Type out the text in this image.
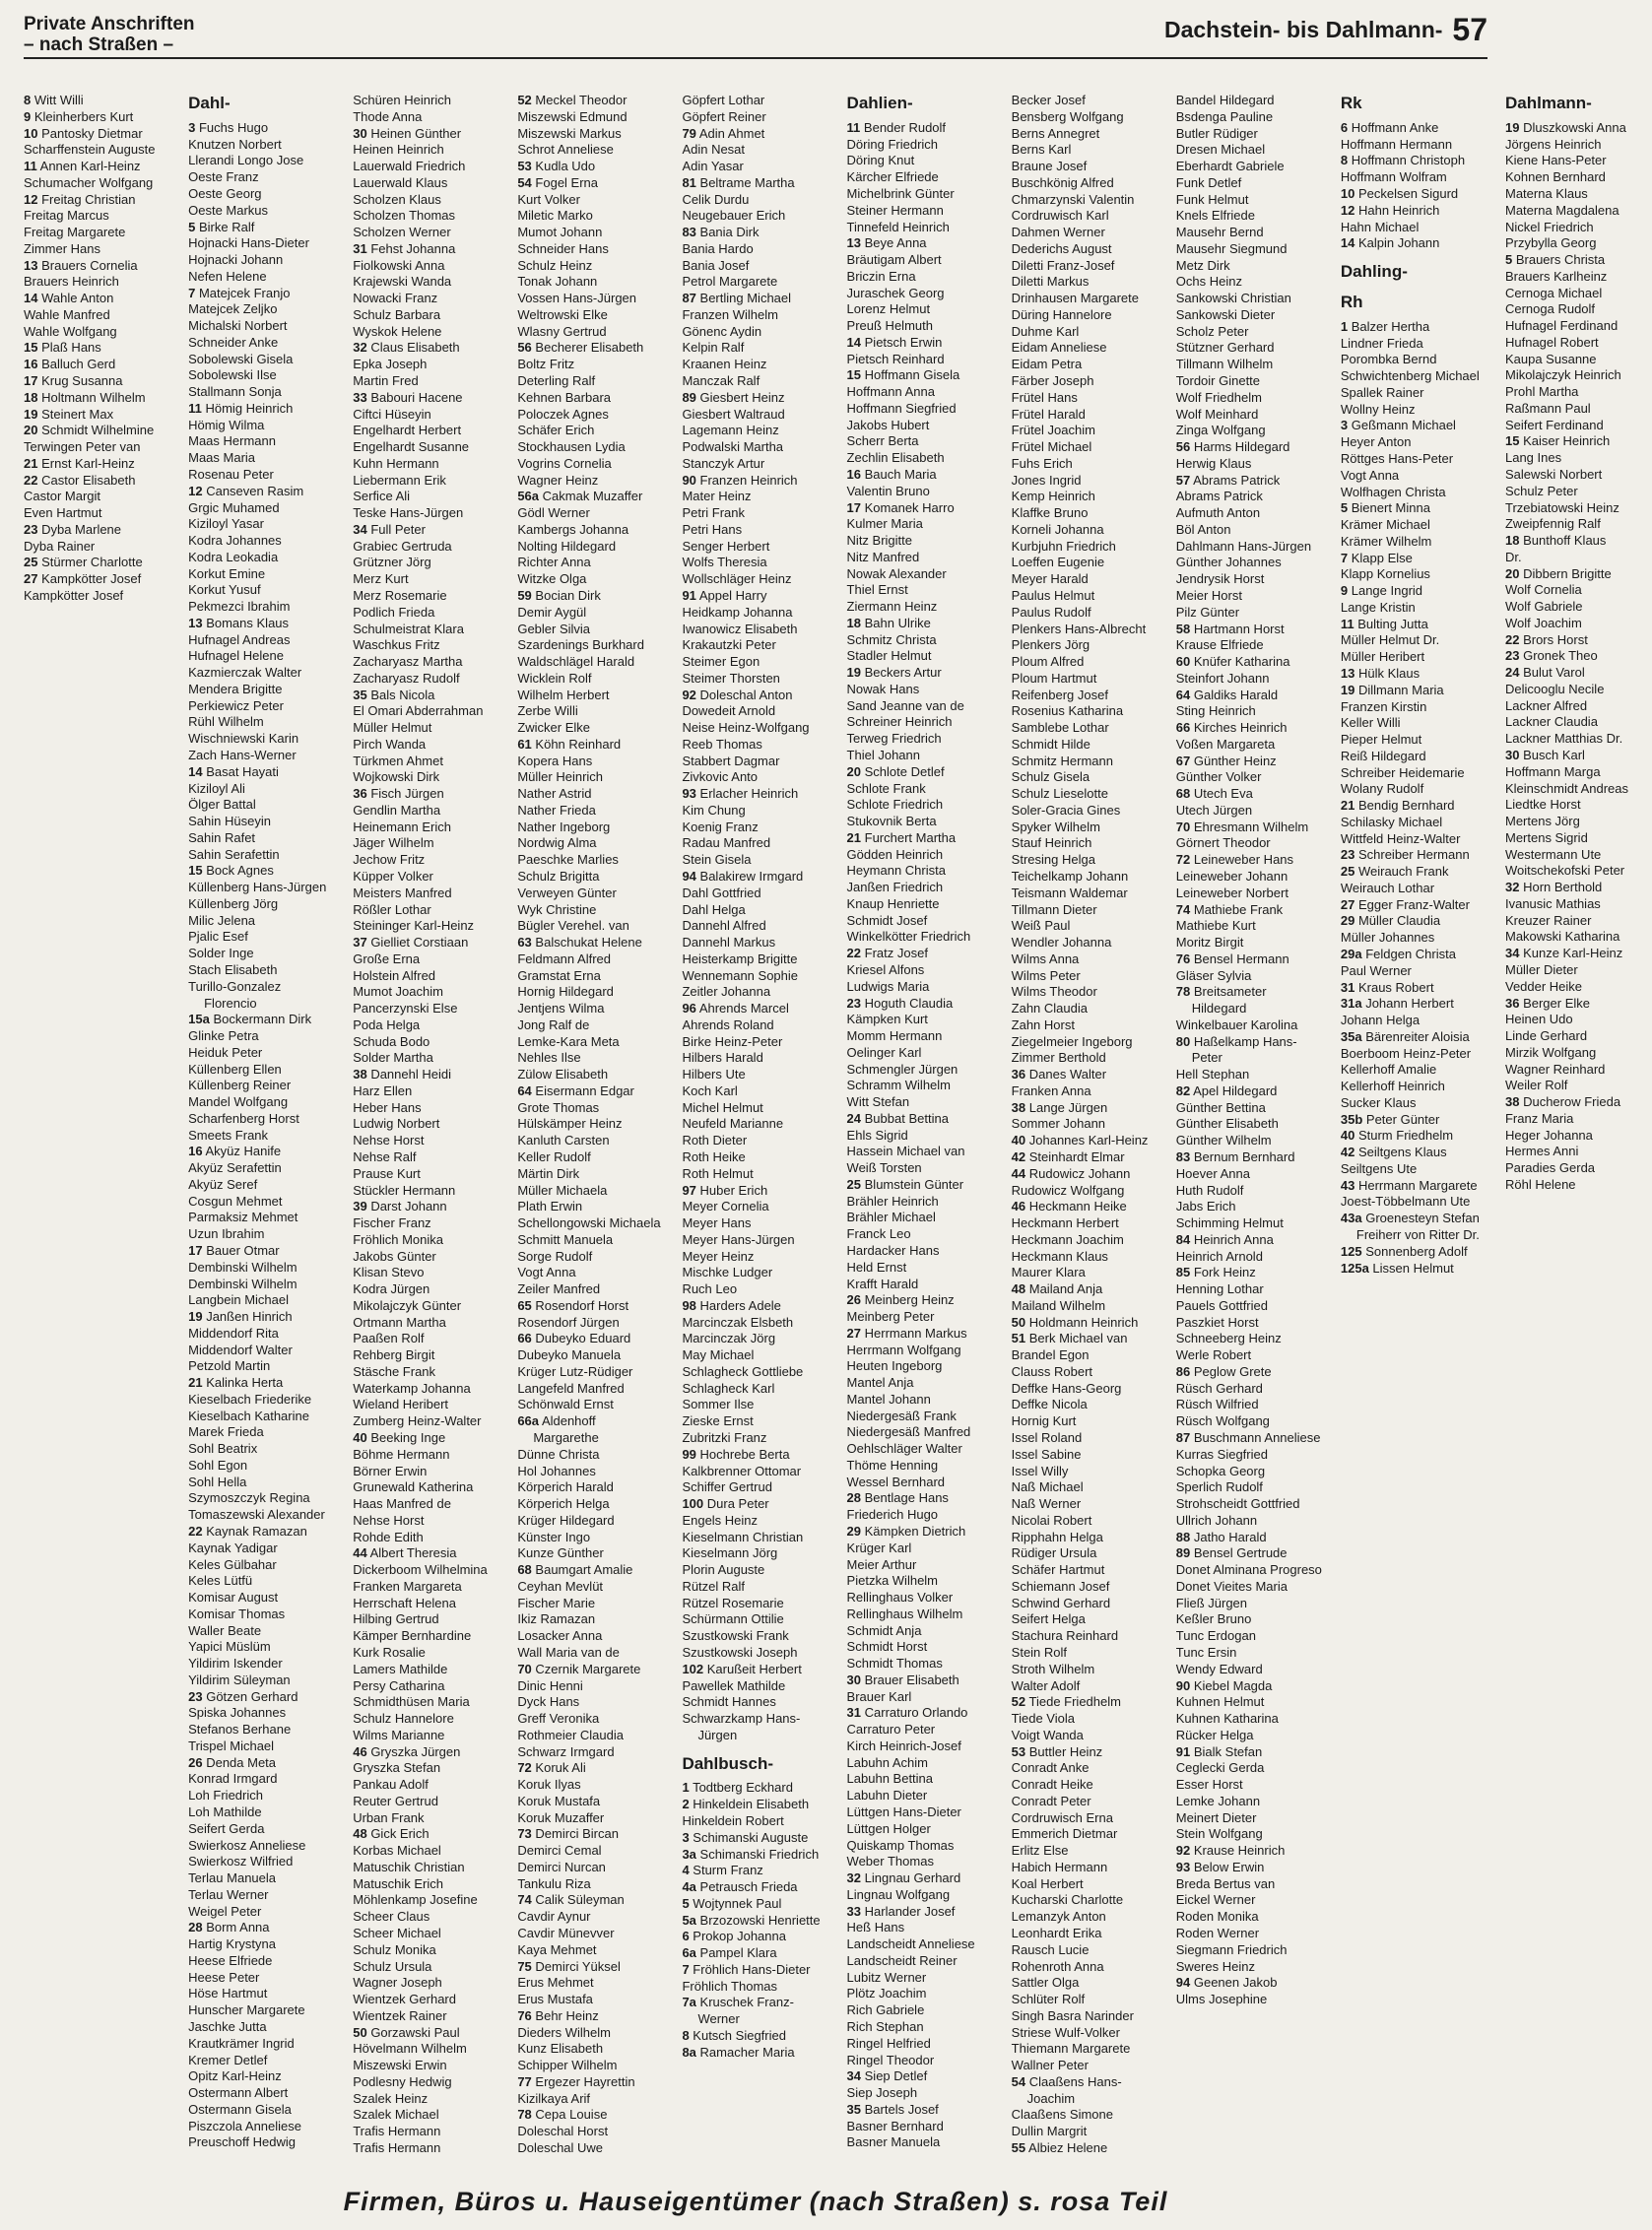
Private Anschriften
– nach Straßen –
Dachstein- bis Dahlmann- 57
8 Witt Willi
9 Kleinherbers Kurt
10 Pantosky Dietmar
Scharffenstein Auguste
11 Annen Karl-Heinz
Schumacher Wolfgang
12 Freitag Christian
Freitag Marcus
Freitag Margarete
Zimmer Hans
13 Brauers Cornelia
Brauers Heinrich
14 Wahle Anton
Wahle Manfred
Wahle Wolfgang
15 Plaß Hans
16 Balluch Gerd
17 Krug Susanna
18 Holtmann Wilhelm
19 Steinert Max
20 Schmidt Wilhelmine
Terwingen Peter van
21 Ernst Karl-Heinz
22 Castor Elisabeth
Castor Margit
Even Hartmut
23 Dyba Marlene
Dyba Rainer
25 Stürmer Charlotte
27 Kampkötter Josef
Kampkötter Josef
Dahl-
3 Fuchs Hugo
Knutzen Norbert
Llerandi Longo Jose
Oeste Franz
Oeste Georg
Oeste Markus
5 Birke Ralf
Hojnacki Hans-Dieter
Hojnacki Johann
Nefen Helene
7 Matejcek Franjo
Matejcek Zeljko
Michalski Norbert
Schneider Anke
Sobolewski Gisela
Sobolewski Ilse
Stallmann Sonja
11 Hömig Heinrich
Hömig Wilma
Maas Hermann
Maas Maria
Rosenau Peter
12 Canseven Rasim
Grgic Muhamed
Kiziloyl Yasar
Kodra Johannes
Kodra Leokadia
Korkut Emine
Korkut Yusuf
Pekmezci Ibrahim
13 Bomans Klaus
Hufnagel Andreas
Hufnagel Helene
Kazmierczak Walter
Mendera Brigitte
Perkiewicz Peter
Rühl Wilhelm
Wischniewski Karin
Zach Hans-Werner
14 Basat Hayati
Kiziloyl Ali
Ölger Battal
Sahin Hüseyin
Sahin Rafet
Sahin Serafettin
15 Bock Agnes
Küllenberg Hans-Jürgen
Küllenberg Jörg
Milic Jelena
Pjalic Esef
Solder Inge
Stach Elisabeth
Turillo-Gonzalez Florencio
15a Bockermann Dirk
Glinke Petra
Heiduk Peter
Küllenberg Ellen
Küllenberg Reiner
Mandel Wolfgang
Scharfenberg Horst
Smeets Frank
16 Akyüz Hanife
Akyüz Serafettin
Akyüz Seref
Cosgun Mehmet
Parmaksiz Mehmet
Uzun Ibrahim
17 Bauer Otmar
Dembinski Wilhelm
Dembinski Wilhelm
Langbein Michael
19 Janßen Hinrich
Middendorf Rita
Middendorf Walter
Petzold Martin
21 Kalinka Herta
Kieselbach Friederike
Kieselbach Katharine
Marek Frieda
Sohl Beatrix
Sohl Egon
Sohl Hella
Szymoszczyk Regina
Tomaszewski Alexander
22 Kaynak Ramazan
Kaynak Yadigar
Keles Gülbahar
Keles Lütfü
Komisar August
Komisar Thomas
Waller Beate
Yapici Müslüm
Yildirim Iskender
Yildirim Süleyman
23 Götzen Gerhard
Spiska Johannes
Stefanos Berhane
Trispel Michael
26 Denda Meta
Konrad Irmgard
Loh Friedrich
Loh Mathilde
Seifert Gerda
Swierkosz Anneliese
Swierkosz Wilfried
Terlau Manuela
Terlau Werner
Weigel Peter
28 Borm Anna
Hartig Krystyna
Heese Elfriede
Heese Peter
Höse Hartmut
Hunscher Margarete
Jaschke Jutta
Krautkrämer Ingrid
Kremer Detlef
Opitz Karl-Heinz
Ostermann Albert
Ostermann Gisela
Piszczola Anneliese
Preuschoff Hedwig
Schüren Heinrich
Thode Anna
30 Heinen Günther
Heinen Heinrich
Lauerwald Friedrich
Lauerwald Klaus
Scholzen Klaus
Scholzen Thomas
Scholzen Werner
31 Fehst Johanna
Fiolkowski Anna
Krajewski Wanda
Nowacki Franz
Schulz Barbara
Wyskok Helene
32 Claus Elisabeth
Epka Joseph
Martin Fred
33 Babouri Hacene
Ciftci Hüseyin
Engelhardt Herbert
Engelhardt Susanne
Kuhn Hermann
Liebermann Erik
Serfice Ali
Teske Hans-Jürgen
34 Full Peter
Grabiec Gertruda
Grützner Jörg
Merz Kurt
Merz Rosemarie
Podlich Frieda
Schulmeistrat Klara
Waschkus Fritz
Zacharyasz Martha
Zacharyasz Rudolf
35 Bals Nicola
El Omari Abderrahman
Müller Helmut
Pirch Wanda
Türkmen Ahmet
Wojkowski Dirk
36 Fisch Jürgen
Gendlin Martha
Heinemann Erich
Jäger Wilhelm
Jechow Fritz
Küpper Volker
Meisters Manfred
Rößler Lothar
Steininger Karl-Heinz
37 Gielliet Corstiaan
Große Erna
Holstein Alfred
Mumot Joachim
Pancerzynski Else
Poda Helga
Schuda Bodo
Solder Martha
38 Dannehl Heidi
Harz Ellen
Heber Hans
Ludwig Norbert
Nehse Horst
Nehse Ralf
Prause Kurt
Stückler Hermann
39 Darst Johann
Fischer Franz
Fröhlich Monika
Jakobs Günter
Klisan Stevo
Kodra Jürgen
Mikolajczyk Günter
Ortmann Martha
Paaßen Rolf
Rehberg Birgit
Stäsche Frank
Waterkamp Johanna
Wieland Heribert
Zumberg Heinz-Walter
40 Beeking Inge
Böhme Hermann
Börner Erwin
Grunewald Katherina
Haas Manfred de
Nehse Horst
Rohde Edith
44 Albert Theresia
Dickerboom Wilhelmina
Franken Margareta
Herrschaft Helena
Hilbing Gertrud
Kämper Bernhardine
Kurk Rosalie
Lamers Mathilde
Persy Catharina
Schmidthüsen Maria
Schulz Hannelore
Wilms Marianne
46 Gryszka Jürgen
Gryszka Stefan
Pankau Adolf
Reuter Gertrud
Urban Frank
48 Gick Erich
Korbas Michael
Matuschik Christian
Matuschik Erich
Möhlenkamp Josefine
Scheer Claus
Scheer Michael
Schulz Monika
Schulz Ursula
Wagner Joseph
Wientzek Gerhard
Wientzek Rainer
50 Gorzawski Paul
Hövelmann Wilhelm
Miszewski Erwin
Podlesny Hedwig
Szalek Heinz
Szalek Michael
Trafis Hermann
Trafis Hermann
52 Meckel Theodor
Miszewski Edmund
Miszewski Markus
Schrot Anneliese
53 Kudla Udo
54 Fogel Erna
Kurt Volker
Miletic Marko
Mumot Johann
Schneider Hans
Schulz Heinz
Tonak Johann
Vossen Hans-Jürgen
Weltrowski Elke
Wlasny Gertrud
56 Becherer Elisabeth
Boltz Fritz
Deterling Ralf
Kehnen Barbara
Poloczek Agnes
Schäfer Erich
Stockhausen Lydia
Vogrins Cornelia
Wagner Heinz
56a Cakmak Muzaffer
Gödl Werner
Kambergs Johanna
Nolting Hildegard
Richter Anna
Witzke Olga
59 Bocian Dirk
Demir Aygül
Gebler Silvia
Szardenings Burkhard
Waldschlägel Harald
Wicklein Rolf
Wilhelm Herbert
Zerbe Willi
Zwicker Elke
61 Köhn Reinhard
Kopera Hans
Müller Heinrich
Nather Astrid
Nather Frieda
Nather Ingeborg
Nordwig Alma
Paeschke Marlies
Schulz Brigitta
Verweyen Günter
Wyk Christine
Bügler Verehel. van
63 Balschukat Helene
Feldmann Alfred
Gramstat Erna
Hornig Hildegard
Jentjens Wilma
Jong Ralf de
Lemke-Kara Meta
Nehles Ilse
Zülow Elisabeth
64 Eisermann Edgar
Grote Thomas
Hülskämper Heinz
Kanluth Carsten
Keller Rudolf
Märtin Dirk
Müller Michaela
Plath Erwin
Schellongowski Michaela
Schmitt Manuela
Sorge Rudolf
Vogt Anna
Zeiler Manfred
65 Rosendorf Horst
Rosendorf Jürgen
66 Dubeyko Eduard
Dubeyko Manuela
Krüger Lutz-Rüdiger
Langefeld Manfred
Schönwald Ernst
66a Aldenhoff Margarethe
Dünne Christa
Hol Johannes
Körperich Harald
Körperich Helga
Krüger Hildegard
Künster Ingo
Kunze Günther
68 Baumgart Amalie
Ceyhan Mevlüt
Fischer Marie
Ikiz Ramazan
Losacker Anna
Wall Maria van de
70 Czernik Margarete
Dinic Henni
Dyck Hans
Greff Veronika
Rothmeier Claudia
Schwarz Irmgard
72 Koruk Ali
Koruk Ilyas
Koruk Mustafa
Koruk Muzaffer
73 Demirci Bircan
Demirci Cemal
Demirci Nurcan
Tankulu Riza
74 Calik Süleyman
Cavdir Aynur
Cavdir Münevver
Kaya Mehmet
75 Demirci Yüksel
Erus Mehmet
Erus Mustafa
76 Behr Heinz
Dieders Wilhelm
Kunz Elisabeth
Schipper Wilhelm
77 Ergezer Hayrettin
Kizilkaya Arif
78 Cepa Louise
Doleschal Horst
Doleschal Uwe
Göpfert Lothar
Göpfert Reiner
79 Adin Ahmet
Adin Nesat
Adin Yasar
81 Beltrame Martha
Celik Durdu
Neugebauer Erich
83 Bania Dirk
Bania Hardo
Bania Josef
Petrol Margarete
87 Bertling Michael
Franzen Wilhelm
Gönenc Aydin
Kelpin Ralf
Kraanen Heinz
Manczak Ralf
89 Giesbert Heinz
Giesbert Waltraud
Lagemann Heinz
Podwalski Martha
Stanczyk Artur
90 Franzen Heinrich
Mater Heinz
Petri Frank
Petri Hans
Senger Herbert
Wolfs Theresia
Wollschläger Heinz
91 Appel Harry
Heidkamp Johanna
Iwanowicz Elisabeth
Krakautzki Peter
Steimer Egon
Steimer Thorsten
92 Doleschal Anton
Dowedeit Arnold
Neise Heinz-Wolfgang
Reeb Thomas
Stabbert Dagmar
Zivkovic Anto
93 Erlacher Heinrich
Kim Chung
Koenig Franz
Radau Manfred
Stein Gisela
94 Balakirew Irmgard
Dahl Gottfried
Dahl Helga
Dannehl Alfred
Dannehl Markus
Heisterkamp Brigitte
Wennemann Sophie
Zeitler Johanna
96 Ahrends Marcel
Ahrends Roland
Birke Heinz-Peter
Hilbers Harald
Hilbers Ute
Koch Karl
Michel Helmut
Neufeld Marianne
Roth Dieter
Roth Heike
Roth Helmut
97 Huber Erich
Meyer Cornelia
Meyer Hans
Meyer Hans-Jürgen
Meyer Heinz
Mischke Ludger
Ruch Leo
98 Harders Adele
Marcinczak Elsbeth
Marcinczak Jörg
May Michael
Schlagheck Gottliebe
Schlagheck Karl
Sommer Ilse
Zieske Ernst
Zubritzki Franz
99 Hochrebe Berta
Kalkbrenner Ottomar
Schiffer Gertrud
100 Dura Peter
Engels Heinz
Kieselmann Christian
Kieselmann Jörg
Plorin Auguste
Rützel Ralf
Rützel Rosemarie
Schürmann Ottilie
Szustkowski Frank
Szustkowski Joseph
102 Karußeit Herbert
Pawellek Mathilde
Schmidt Hannes
Schwarzkamp Hans-Jürgen
Dahlbusch-
1 Todtberg Eckhard
2 Hinkeldein Elisabeth
Hinkeldein Robert
3 Schimanski Auguste
3a Schimanski Friedrich
4 Sturm Franz
4a Petrausch Frieda
5 Wojtynnek Paul
5a Brzozowski Henriette
6 Prokop Johanna
6a Pampel Klara
7 Fröhlich Hans-Dieter
Fröhlich Thomas
7a Kruschek Franz-Werner
8 Kutsch Siegfried
8a Ramacher Maria
Dahlien-
11 Bender Rudolf
Döring Friedrich
Döring Knut
Kärcher Elfriede
Michelbrink Günter
Steiner Hermann
Tinnefeld Heinrich
13 Beye Anna
Bräutigam Albert
Briczin Erna
Juraschek Georg
Lorenz Helmut
Preuß Helmuth
14 Pietsch Erwin
Pietsch Reinhard
15 Hoffmann Gisela
Hoffmann Anna
Hoffmann Siegfried
Jakobs Hubert
Scherr Berta
Zechlin Elisabeth
16 Bauch Maria
Valentin Bruno
17 Komanek Harro
Kulmer Maria
Nitz Brigitte
Nitz Manfred
Nowak Alexander
Thiel Ernst
Ziermann Heinz
18 Bahn Ulrike
Schmitz Christa
Stadler Helmut
19 Beckers Artur
Nowak Hans
Sand Jeanne van de
Schreiner Heinrich
Terweg Friedrich
Thiel Johann
20 Schlote Detlef
Schlote Frank
Schlote Friedrich
Stukovnik Berta
21 Furchert Martha
Gödden Heinrich
Heymann Christa
Janßen Friedrich
Knaup Henriette
Schmidt Josef
Winkelkötter Friedrich
22 Fratz Josef
Kriesel Alfons
Ludwigs Maria
23 Hoguth Claudia
Kämpken Kurt
Momm Hermann
Oelinger Karl
Schmengler Jürgen
Schramm Wilhelm
Witt Stefan
24 Bubbat Bettina
Ehls Sigrid
Hassein Michael van
Weiß Torsten
25 Blumstein Günter
Brähler Heinrich
Brähler Michael
Franck Leo
Hardacker Hans
Held Ernst
Krafft Harald
26 Meinberg Heinz
Meinberg Peter
27 Herrmann Markus
Herrmann Wolfgang
Heuten Ingeborg
Mantel Anja
Mantel Johann
Niedergesäß Frank
Niedergesäß Manfred
Oehlschläger Walter
Thöme Henning
Wessel Bernhard
28 Bentlage Hans
Friederich Hugo
29 Kämpken Dietrich
Krüger Karl
Meier Arthur
Pietzka Wilhelm
Rellinghaus Volker
Rellinghaus Wilhelm
Schmidt Anja
Schmidt Horst
Schmidt Thomas
30 Brauer Elisabeth
Brauer Karl
31 Carraturo Orlando
Carraturo Peter
Kirch Heinrich-Josef
Labuhn Achim
Labuhn Bettina
Labuhn Dieter
Lüttgen Hans-Dieter
Lüttgen Holger
Quiskamp Thomas
Weber Thomas
32 Lingnau Gerhard
Lingnau Wolfgang
33 Harlander Josef
Heß Hans
Landscheidt Anneliese
Landscheidt Reiner
Lubitz Werner
Plötz Joachim
Rich Gabriele
Rich Stephan
Ringel Helfried
Ringel Theodor
34 Siep Detlef
Siep Joseph
35 Bartels Josef
Basner Bernhard
Basner Manuela
Becker Josef
Bensberg Wolfgang
Berns Annegret
Berns Karl
Braune Josef
Buschkönig Alfred
Chmarzynski Valentin
Cordruwisch Karl
Dahmen Werner
Dederichs August
Diletti Franz-Josef
Diletti Markus
Drinhausen Margarete
Düring Hannelore
Duhme Karl
Eidam Anneliese
Eidam Petra
Färber Joseph
Frütel Hans
Frütel Harald
Frütel Joachim
Frütel Michael
Fuhs Erich
Jones Ingrid
Kemp Heinrich
Klaffke Bruno
Korneli Johanna
Kurbjuhn Friedrich
Loeffen Eugenie
Meyer Harald
Paulus Helmut
Paulus Rudolf
Plenkers Hans-Albrecht
Plenkers Jörg
Ploum Alfred
Ploum Hartmut
Reifenberg Josef
Rosenius Katharina
Samblebe Lothar
Schmidt Hilde
Schmitz Hermann
Schulz Gisela
Schulz Lieselotte
Soler-Gracia Gines
Spyker Wilhelm
Stauf Heinrich
Stresing Helga
Teichelkamp Johann
Teismann Waldemar
Tillmann Dieter
Weiß Paul
Wendler Johanna
Wilms Anna
Wilms Peter
Wilms Theodor
Zahn Claudia
Zahn Horst
Ziegelmeier Ingeborg
Zimmer Berthold
36 Danes Walter
Franken Anna
38 Lange Jürgen
Sommer Johann
40 Johannes Karl-Heinz
42 Steinhardt Elmar
44 Rudowicz Johann
Rudowicz Wolfgang
46 Heckmann Heike
Heckmann Herbert
Heckmann Joachim
Heckmann Klaus
Maurer Klara
48 Mailand Anja
Mailand Wilhelm
50 Holdmann Heinrich
51 Berk Michael van
Brandel Egon
Clauss Robert
Deffke Hans-Georg
Deffke Nicola
Hornig Kurt
Issel Roland
Issel Sabine
Issel Willy
Naß Michael
Naß Werner
Nicolai Robert
Ripphahn Helga
Rüdiger Ursula
Schäfer Hartmut
Schiemann Josef
Schwind Gerhard
Seifert Helga
Stachura Reinhard
Stein Rolf
Stroth Wilhelm
Walter Adolf
52 Tiede Friedhelm
Tiede Viola
Voigt Wanda
53 Buttler Heinz
Conradt Anke
Conradt Heike
Conradt Peter
Cordruwisch Erna
Emmerich Dietmar
Erlitz Else
Habich Hermann
Koal Herbert
Kucharski Charlotte
Lemanzyk Anton
Leonhardt Erika
Rausch Lucie
Rohenroth Anna
Sattler Olga
Schlüter Rolf
Singh Basra Narinder
Striese Wulf-Volker
Thiemann Margarete
Wallner Peter
54 Claaßens Hans-Joachim
Claaßens Simone
Dullin Margrit
55 Albiez Helene
Bandel Hildegard
Bsdenga Pauline
Butler Rüdiger
Dresen Michael
Eberhardt Gabriele
Funk Detlef
Funk Helmut
Knels Elfriede
Mausehr Bernd
Mausehr Siegmund
Metz Dirk
Ochs Heinz
Sankowski Christian
Sankowski Dieter
Scholz Peter
Stützner Gerhard
Tillmann Wilhelm
Tordoir Ginette
Wolf Friedhelm
Wolf Meinhard
Zinga Wolfgang
56 Harms Hildegard
Herwig Klaus
57 Abrams Patrick
Abrams Patrick
Aufmuth Anton
Böl Anton
Dahlmann Hans-Jürgen
Günther Johannes
Jendrysik Horst
Meier Horst
Pilz Günter
58 Hartmann Horst
Krause Elfriede
60 Knüfer Katharina
Steinfort Johann
64 Galdiks Harald
Sting Heinrich
66 Kirches Heinrich
Voßen Margareta
67 Günther Heinz
Günther Volker
68 Utech Eva
Utech Jürgen
70 Ehresmann Wilhelm
Görnert Theodor
72 Leineweber Hans
Leineweber Johann
Leineweber Norbert
74 Mathiebe Frank
Mathiebe Kurt
Moritz Birgit
76 Bensel Hermann
Gläser Sylvia
78 Breitsameter Hildegard
Winkelbauer Karolina
80 Haßelkamp Hans-Peter
Hell Stephan
82 Apel Hildegard
Günther Bettina
Günther Elisabeth
Günther Wilhelm
83 Bernum Bernhard
Hoever Anna
Huth Rudolf
Jabs Erich
Schimming Helmut
84 Heinrich Anna
Heinrich Arnold
85 Fork Heinz
Henning Lothar
Pauels Gottfried
Paszkiet Horst
Schneeberg Heinz
Werle Robert
86 Peglow Grete
Rüsch Gerhard
Rüsch Wilfried
Rüsch Wolfgang
87 Buschmann Anneliese
Kurras Siegfried
Schopka Georg
Sperlich Rudolf
Strohscheidt Gottfried
Ullrich Johann
88 Jatho Harald
89 Bensel Gertrude
Donet Alminana Progreso
Donet Vieites Maria
Fließ Jürgen
Keßler Bruno
Tunc Erdogan
Tunc Ersin
Wendy Edward
90 Kiebel Magda
Kuhnen Helmut
Kuhnen Katharina
Rücker Helga
91 Bialk Stefan
Ceglecki Gerda
Esser Horst
Lemke Johann
Meinert Dieter
Stein Wolfgang
92 Krause Heinrich
93 Below Erwin
Breda Bertus van
Eickel Werner
Roden Monika
Roden Werner
Siegmann Friedrich
Sweres Heinz
94 Geenen Jakob
Ulms Josephine
Rk
6 Hoffmann Anke
Hoffmann Hermann
8 Hoffmann Christoph
Hoffmann Wolfram
10 Peckelsen Sigurd
12 Hahn Heinrich
Hahn Michael
14 Kalpin Johann
Dahling-
Rh
1 Balzer Hertha
Lindner Frieda
Porombka Bernd
Schwichtenberg Michael
Spallek Rainer
Wollny Heinz
3 Geßmann Michael
Heyer Anton
Röttges Hans-Peter
Vogt Anna
Wolfhagen Christa
5 Bienert Minna
Krämer Michael
Krämer Wilhelm
7 Klapp Else
Klapp Kornelius
9 Lange Ingrid
Lange Kristin
11 Bulting Jutta
Müller Helmut Dr.
Müller Heribert
13 Hülk Klaus
19 Dillmann Maria
Franzen Kirstin
Keller Willi
Pieper Helmut
Reiß Hildegard
Schreiber Heidemarie
Wolany Rudolf
21 Bendig Bernhard
Schilasky Michael
Wittfeld Heinz-Walter
23 Schreiber Hermann
25 Weirauch Frank
Weirauch Lothar
27 Egger Franz-Walter
29 Müller Claudia
Müller Johannes
29a Feldgen Christa
Paul Werner
31 Kraus Robert
31a Johann Herbert
Johann Helga
35a Bärenreiter Aloisia
Boerboom Heinz-Peter
Kellerhoff Amalie
Kellerhoff Heinrich
Sucker Klaus
35b Peter Günter
40 Sturm Friedhelm
42 Seiltgens Klaus
Seiltgens Ute
43 Herrmann Margarete
Joest-Többelmann Ute
43a Groenesteyn Stefan Freiherr von Ritter Dr.
125 Sonnenberg Adolf
125a Lissen Helmut
Dahlmann-
19 Dluszkowski Anna
Jörgens Heinrich
Kiene Hans-Peter
Kohnen Bernhard
Materna Klaus
Materna Magdalena
Nickel Friedrich
Przybylla Georg
5 Brauers Christa
Brauers Karlheinz
Cernoga Michael
Cernoga Rudolf
Hufnagel Ferdinand
Hufnagel Robert
Kaupa Susanne
Mikolajczyk Heinrich
Prohl Martha
Raßmann Paul
Seifert Ferdinand
15 Kaiser Heinrich
Lang Ines
Salewski Norbert
Schulz Peter
Trzebiatowski Heinz
Zweipfennig Ralf
18 Bunthoff Klaus
Dr.
20 Dibbern Brigitte
Wolf Cornelia
Wolf Gabriele
Wolf Joachim
22 Brors Horst
23 Gronek Theo
24 Bulut Varol
Delicooglu Necile
Lackner Alfred
Lackner Claudia
Lackner Matthias Dr.
30 Busch Karl
Hoffmann Marga
Kleinschmidt Andreas
Liedtke Horst
Mertens Jörg
Mertens Sigrid
Westermann Ute
Woitschekofski Peter
32 Horn Berthold
Ivanusic Mathias
Kreuzer Rainer
Makowski Katharina
34 Kunze Karl-Heinz
Müller Dieter
Vedder Heike
36 Berger Elke
Heinen Udo
Linde Gerhard
Mirzik Wolfgang
Wagner Reinhard
Weiler Rolf
38 Ducherow Frieda
Franz Maria
Heger Johanna
Hermes Anni
Paradies Gerda
Röhl Helene
Firmen, Büros u. Hauseigentümer (nach Straßen) s. rosa Teil
